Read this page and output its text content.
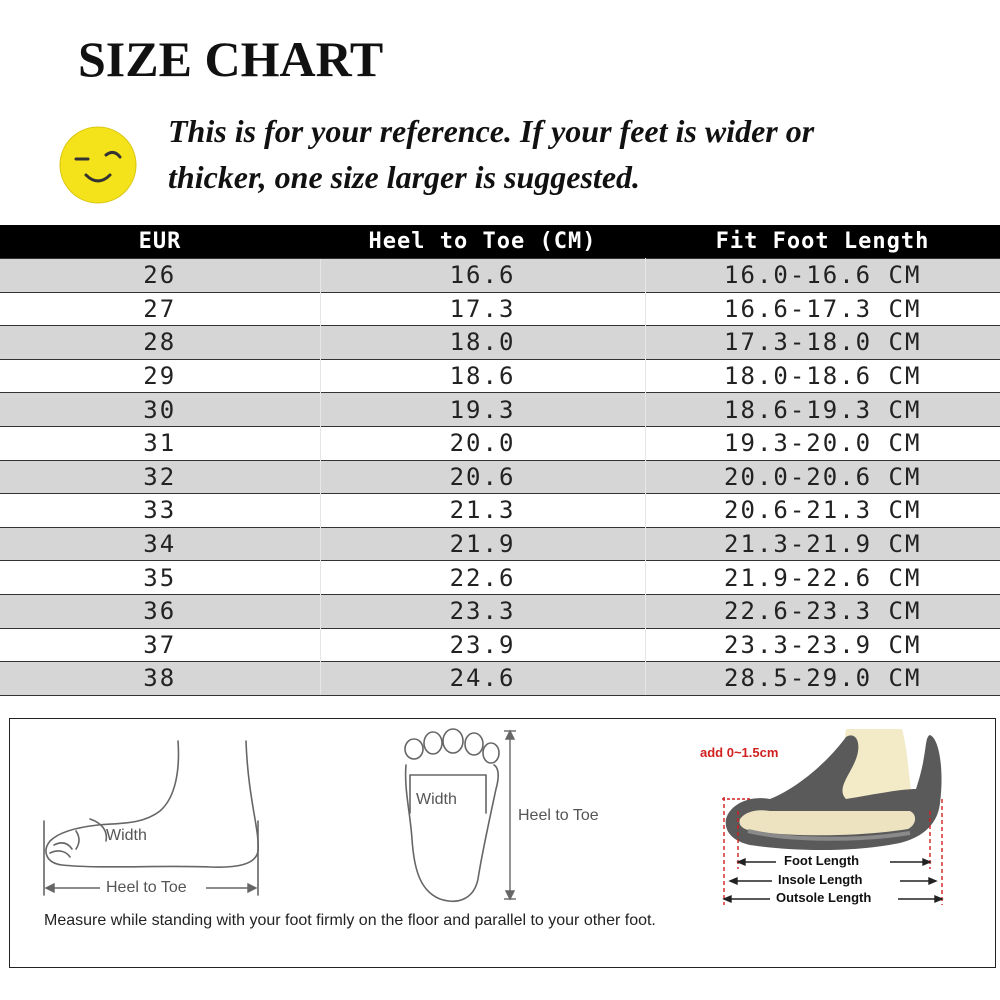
SIZE CHART
This is for your reference. If your feet is wider or
thicker, one size larger is suggested.
EUR	Heel to Toe (CM)	Fit Foot Length
26	16.6	16.0-16.6 CM
27	17.3	16.6-17.3 CM
28	18.0	17.3-18.0 CM
29	18.6	18.0-18.6 CM
30	19.3	18.6-19.3 CM
31	20.0	19.3-20.0 CM
32	20.6	20.0-20.6 CM
33	21.3	20.6-21.3 CM
34	21.9	21.3-21.9 CM
35	22.6	21.9-22.6 CM
36	23.3	22.6-23.3 CM
37	23.9	23.3-23.9 CM
38	24.6	28.5-29.0 CM
Width
Heel to Toe
Width
Heel to Toe
add 0~1.5cm
Foot Length
Insole Length
Outsole Length
Measure while standing with your foot firmly on the floor and parallel to your other foot.
